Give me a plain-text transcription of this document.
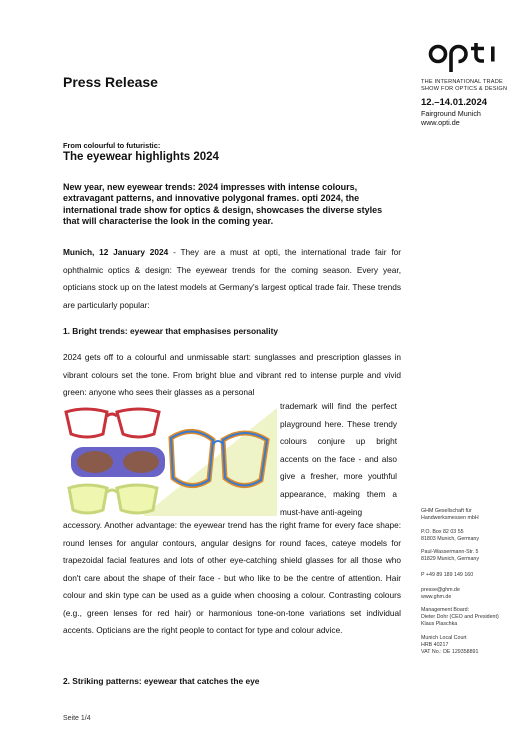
THE INTERNATIONAL TRADE
SHOW FOR OPTICS & DESIGN
12.–14.01.2024
Fairground Munich
www.opti.de
Press Release
From colourful to futuristic:
The eyewear highlights 2024
New year, new eyewear trends: 2024 impresses with intense colours, extravagant patterns, and innovative polygonal frames. opti 2024, the international trade show for optics & design, showcases the diverse styles that will characterise the look in the coming year.
Munich, 12 January 2024 - They are a must at opti, the international trade fair for ophthalmic optics & design: The eyewear trends for the coming season. Every year, opticians stock up on the latest models at Germany's largest optical trade fair. These trends are particularly popular:
1. Bright trends: eyewear that emphasises personality
2024 gets off to a colourful and unmissable start: sunglasses and prescription glasses in vibrant colours set the tone. From bright blue and vibrant red to intense purple and vivid green: anyone who sees their glasses as a personal
trademark will find the perfect playground here. These trendy colours conjure up bright accents on the face - and also give a fresher, more youthful appearance, making them a must-have anti-ageing
accessory. Another advantage: the eyewear trend has the right frame for every face shape: round lenses for angular contours, angular designs for round faces, cateye models for trapezoidal facial features and lots of other eye-catching shield glasses for all those who don't care about the shape of their face - but who like to be the centre of attention. Hair colour and skin type can be used as a guide when choosing a colour. Contrasting colours (e.g., green lenses for red hair) or harmonious tone-on-tone variations set individual accents. Opticians are the right people to contact for type and colour advice.
2. Striking patterns: eyewear that catches the eye
GHM Gesellschaft für
Handwerksmessen mbH
P.O. Box 82 03 55
81803 Munich, Germany
Paul-Wassermann-Str. 5
81829 Munich, Germany
P +49 89 189 149 160
presse@ghm.de
www.ghm.de
Management Board:
Dieter Dohr (CEO and President)
Klaus Plaschka
Munich Local Court
HRB 40217
VAT No.: DE 129358891
Seite 1/4
